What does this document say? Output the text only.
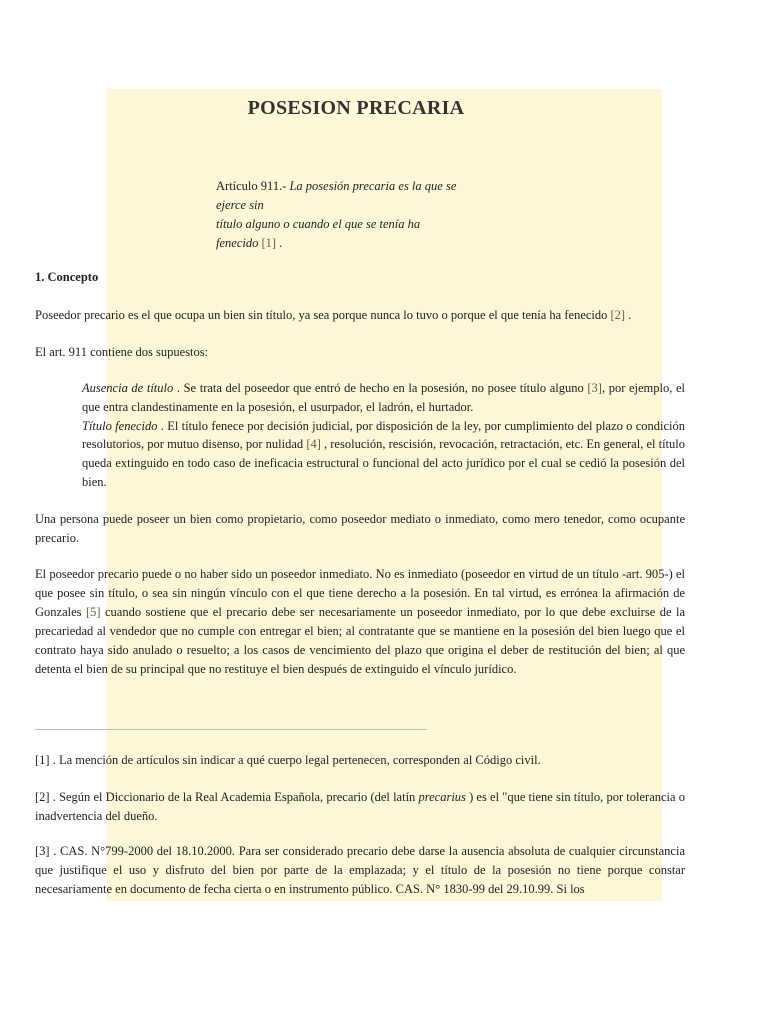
POSESION PRECARIA
Artículo 911.- La posesión precaria es la que se
ejerce sin
título alguno o cuando el que se tenía ha
fenecido [1] .
1. Concepto

Poseedor precario es el que ocupa un bien sin título, ya sea porque nunca lo tuvo o porque el que tenía ha fenecido [2] .

El art. 911 contiene dos supuestos:

Ausencia de título . Se trata del poseedor que entró de hecho en la posesión, no posee título alguno [3], por ejemplo, el que entra clandestinamente en la posesión, el usurpador, el ladrón, el hurtador.

Título fenecido . El título fenece por decisión judicial, por disposición de la ley, por cumplimiento del plazo o condición resolutorios, por mutuo disenso, por nulidad [4] , resolución, rescisión, revocación, retractación, etc. En general, el título queda extinguido en todo caso de ineficacia estructural o funcional del acto jurídico por el cual se cedió la posesión del bien.

Una persona puede poseer un bien como propietario, como poseedor mediato o inmediato, como mero tenedor, como ocupante precario.

El poseedor precario puede o no haber sido un poseedor inmediato. No es inmediato (poseedor en virtud de un título -art. 905-) el que posee sin título, o sea sin ningún vínculo con el que tiene derecho a la posesión. En tal virtud, es errónea la afirmación de Gonzales [5] cuando sostiene que el precario debe ser necesariamente un poseedor inmediato, por lo que debe excluirse de la precariedad al vendedor que no cumple con entregar el bien; al contratante que se mantiene en la posesión del bien luego que el contrato haya sido anulado o resuelto; a los casos de vencimiento del plazo que origina el deber de restitución del bien; al que detenta el bien de su principal que no restituye el bien después de extinguido el vínculo jurídico.

[1] . La mención de artículos sin indicar a qué cuerpo legal pertenecen, corresponden al Código civil.

[2] . Según el Diccionario de la Real Academia Española, precario (del latín precarius ) es el "que tiene sin título, por tolerancia o inadvertencia del dueño.

[3] . CAS. N°799-2000 del 18.10.2000. Para ser considerado precario debe darse la ausencia absoluta de cualquier circunstancia que justifique el uso y disfruto del bien por parte de la emplazada; y el título de la posesión no tiene porque constar necesariamente en documento de fecha cierta o en instrumento público. CAS. N° 1830-99 del 29.10.99. Si los
